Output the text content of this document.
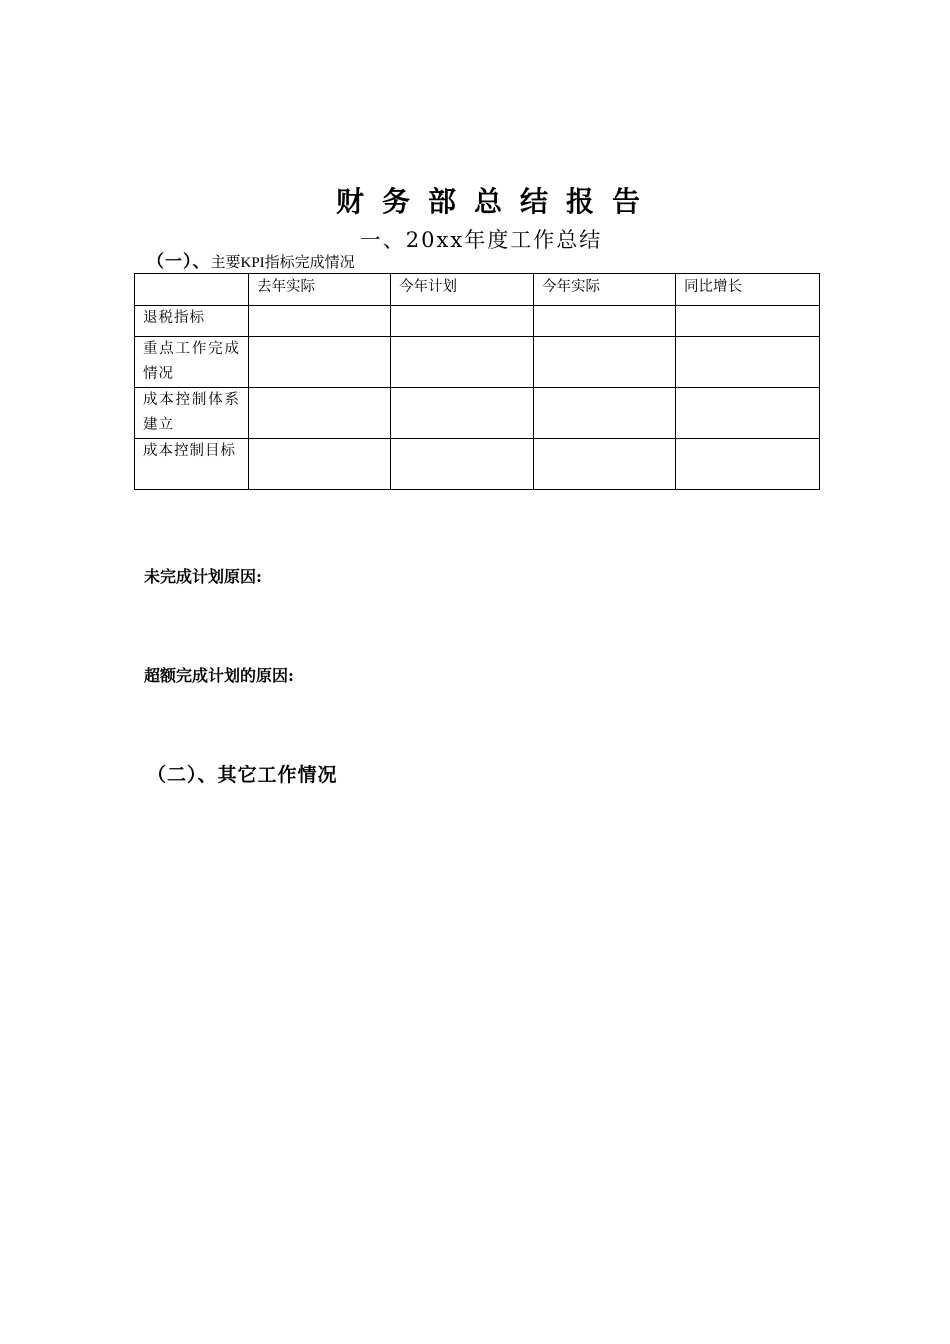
财务部总结报告
一、20xx年度工作总结
（一）、主要KPI指标完成情况
	去年实际	今年计划	今年实际	同比增长
退税指标				
重点工作完成情况				
成本控制体系建立				
成本控制目标				
未完成计划原因:
超额完成计划的原因:
（二）、其它工作情况
